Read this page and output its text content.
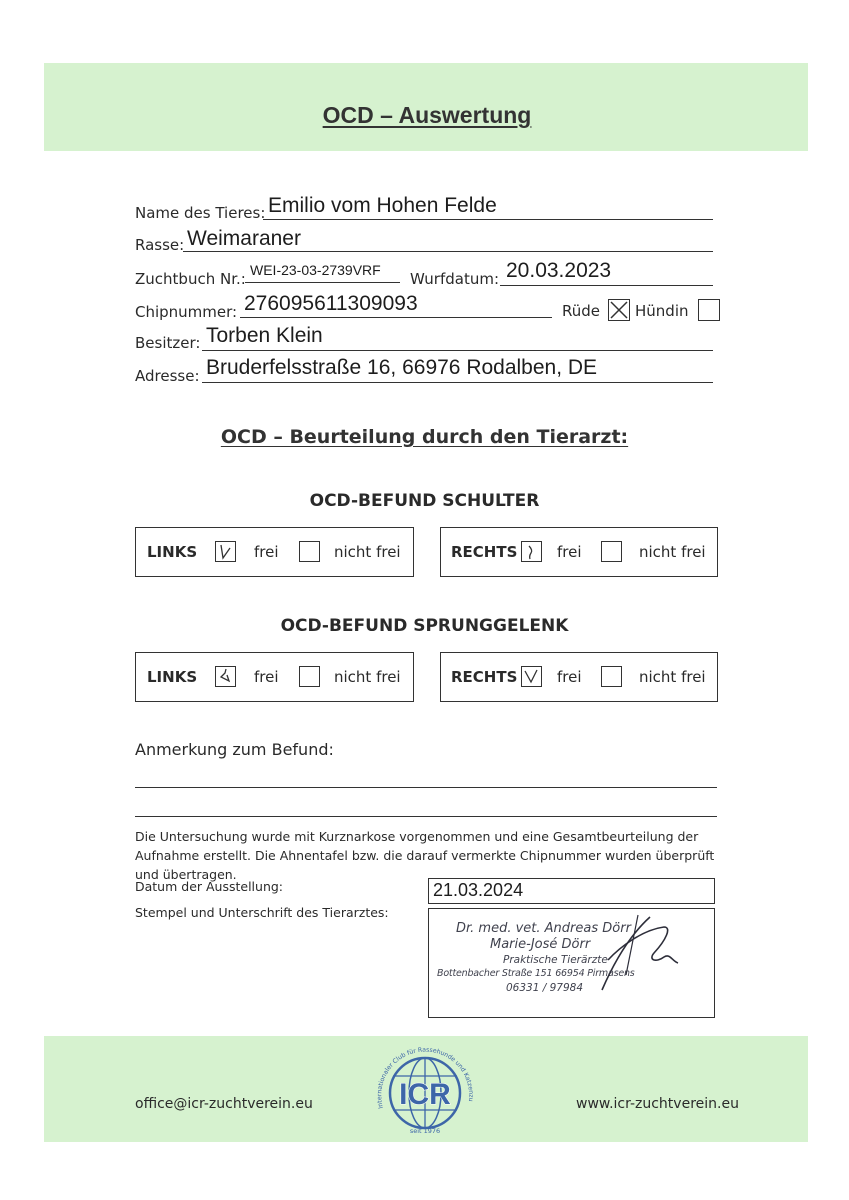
OCD – Auswertung
Name des Tieres: Emilio vom Hohen Felde
Rasse: Weimaraner
Zuchtbuch Nr.: WEI-23-03-2739VRF Wurfdatum: 20.03.2023
Chipnummer: 276095611309093	Rüde Hündin
Besitzer: Torben Klein
Adresse: Bruderfelsstraße 16, 66976 Rodalben, DE
OCD – Beurteilung durch den Tierarzt:
OCD-BEFUND SCHULTER
LINKS	frei	nicht frei	RECHTS	frei	nicht frei
OCD-BEFUND SPRUNGGELENK
LINKS	frei	nicht frei	RECHTS	frei	nicht frei
Anmerkung zum Befund:
Die Untersuchung wurde mit Kurznarkose vorgenommen und eine Gesamtbeurteilung der Aufnahme erstellt. Die Ahnentafel bzw. die darauf vermerkte Chipnummer wurden überprüft und übertragen.
Datum der Ausstellung:	21.03.2024
Stempel und Unterschrift des Tierarztes:
Dr. med. vet. Andreas Dörr
Marie-José Dörr
Praktische Tierärzte
Bottenbacher Straße 151 66954 Pirmasens
06331 / 97984
office@icr-zuchtverein.eu	www.icr-zuchtverein.eu
ICR
Internationaler Club für Rassehunde und Katzenzu
seit 1976
